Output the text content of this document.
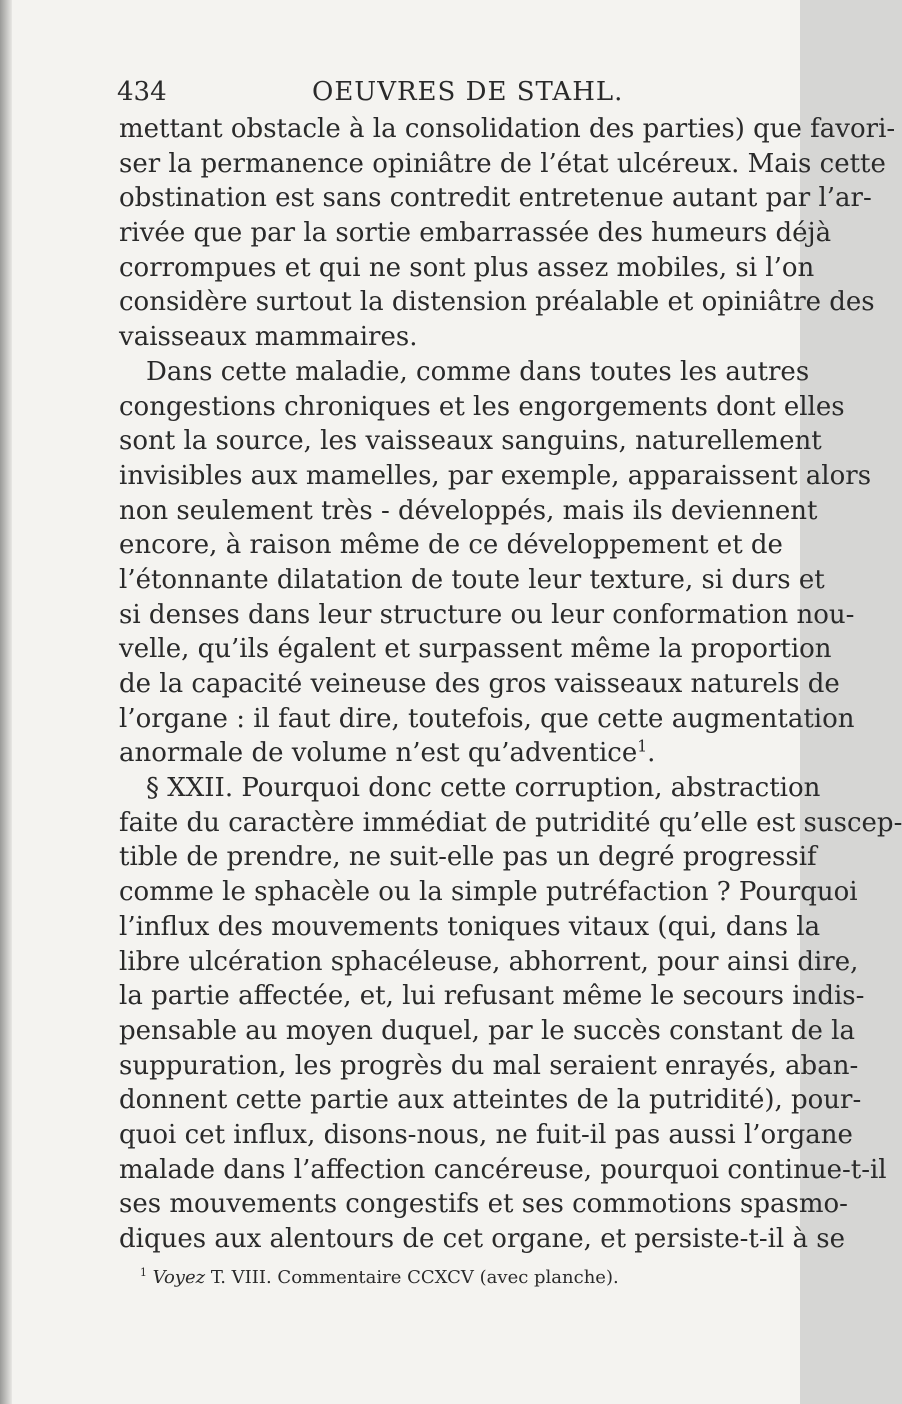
434	OEUVRES DE STAHL.
mettant obstacle à la consolidation des parties) que favori-
ser la permanence opiniâtre de l’état ulcéreux. Mais cette
obstination est sans contredit entretenue autant par l’ar-
rivée que par la sortie embarrassée des humeurs déjà
corrompues et qui ne sont plus assez mobiles, si l’on
considère surtout la distension préalable et opiniâtre des
vaisseaux mammaires.
Dans cette maladie, comme dans toutes les autres
congestions chroniques et les engorgements dont elles
sont la source, les vaisseaux sanguins, naturellement
invisibles aux mamelles, par exemple, apparaissent alors
non seulement très - développés, mais ils deviennent
encore, à raison même de ce développement et de
l’étonnante dilatation de toute leur texture, si durs et
si denses dans leur structure ou leur conformation nou-
velle, qu’ils égalent et surpassent même la proportion
de la capacité veineuse des gros vaisseaux naturels de
l’organe : il faut dire, toutefois, que cette augmentation
anormale de volume n’est qu’adventice$^1$.
§ XXII. Pourquoi donc cette corruption, abstraction
faite du caractère immédiat de putridité qu’elle est suscep-
tible de prendre, ne suit-elle pas un degré progressif
comme le sphacèle ou la simple putréfaction ? Pourquoi
l’influx des mouvements toniques vitaux (qui, dans la
libre ulcération sphacéleuse, abhorrent, pour ainsi dire,
la partie affectée, et, lui refusant même le secours indis-
pensable au moyen duquel, par le succès constant de la
suppuration, les progrès du mal seraient enrayés, aban-
donnent cette partie aux atteintes de la putridité), pour-
quoi cet influx, disons-nous, ne fuit-il pas aussi l’organe
malade dans l’affection cancéreuse, pourquoi continue-t-il
ses mouvements congestifs et ses commotions spasmo-
diques aux alentours de cet organe, et persiste-t-il à se
$^1$ Voyez T. VIII. Commentaire CCXCV (avec planche).
